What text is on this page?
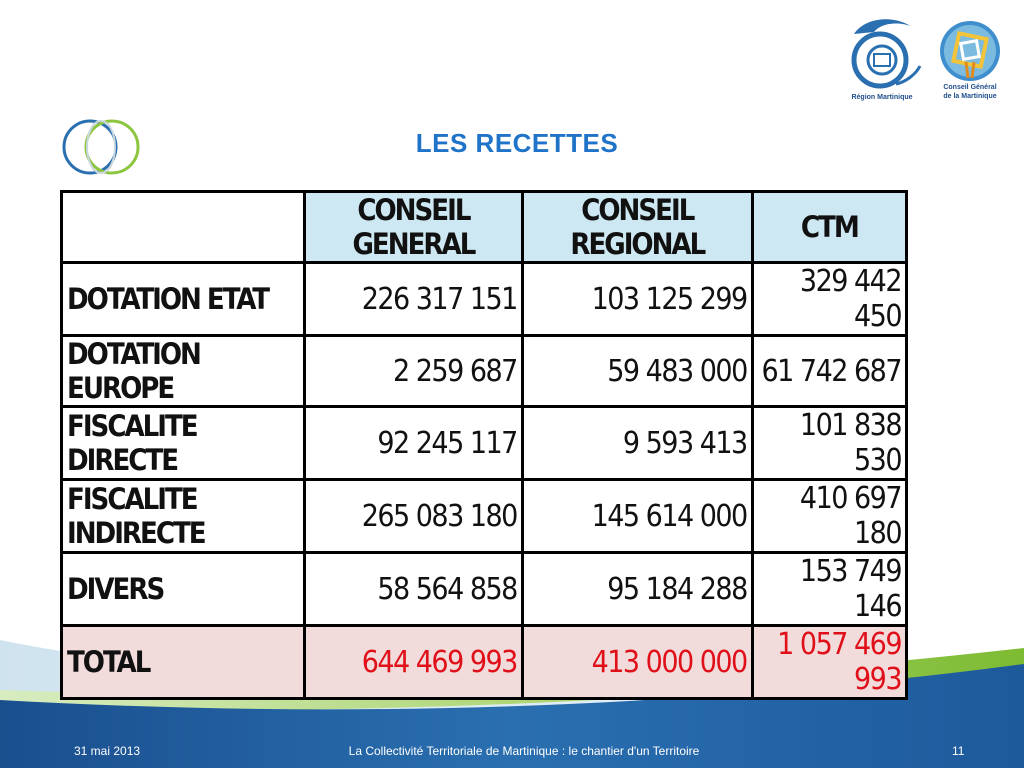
Région Martinique
Conseil Général
de la Martinique
LES RECETTES
	CONSEIL GENERAL	CONSEIL REGIONAL	CTM
DOTATION ETAT	226 317 151	103 125 299	329 442 450
DOTATION EUROPE	2 259 687	59 483 000	61 742 687
FISCALITE DIRECTE	92 245 117	9 593 413	101 838 530
FISCALITE INDIRECTE	265 083 180	145 614 000	410 697 180
DIVERS	58 564 858	95 184 288	153 749 146
TOTAL	644 469 993	413 000 000	1 057 469 993
31 mai 2013	La Collectivité Territoriale de Martinique : le chantier d'un Territoire	11
